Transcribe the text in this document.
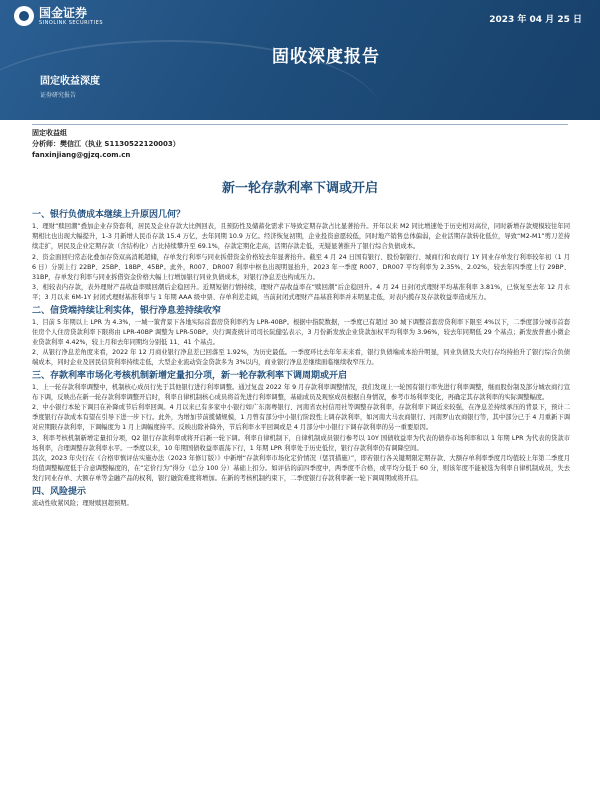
国金证券
SINOLINK SECURITIES	2023 年 04 月 25 日
固收深度报告
固定收益深度
证券研究报告
固定收益组
分析师：樊信江（执业 S1130522120003）
fanxinjiang@gjzq.com.cn
新一轮存款利率下调或开启
一、银行负债成本继续上升原因几何？

1、理财“赎回潮”叠加企业存贷套利，居民及企业存款大比例回表，且预防性及储蓄化需求下导致定期存款占比显著抬升。开年以来 M2 同比增速处于历史相对高位，同时新增存款规模较往年同期相比也出现大幅提升，1-3 月新增人民币存款 15.4 万亿，去年同期 10.9 万亿。经济恢复初期，企业投资意愿较低，同时地产销售总体偏弱，企业活期存款转化低位，导致“M2-M1”剪刀差持续走扩，居民及企业定期存款（含结构化）占比持续攀升至 69.1%，存款定期化走高，活期存款走低，无疑显著推升了银行综合负债成本。

2、资金面回归常态化叠加存贷双高消耗超储，存单发行利率与同业拆借资金价格较去年显著抬升。截至 4 月 24 日国有银行、股份制银行、城商行和农商行 1Y 同业存单发行利率较年初（1 月 6 日）分别上行 22BP、25BP、18BP、45BP。此外，R007、DR007 利率中枢也出现明显抬升，2023 年一季度 R007、DR007 平均利率为 2.35%、2.02%，较去年四季度上行 29BP、31BP，存单发行利率与同业拆借资金价格大幅上行增加银行同业负债成本，对银行净息差也构成压力。

3、相较表内存款，表外理财产品收益率赎回潮后企稳回升。近期短债行情持续，理财产品收益率在“赎回潮”后企稳回升。4 月 24 日封闭式理财平均基准利率 3.81%，已恢复至去年 12 月水平；3 月以来 6M-1Y 封闭式理财基准利率与 1 年期 AAA 级中票、存单利差走阔，当前封闭式理财产品基准利率并未明显走低，对表内揽存及存款收益率造成压力。

二、信贷端持续让利实体，银行净息差持续收窄

1、目前 5 年期以上 LPR 为 4.3%，一城一策背景下各地实际首套房贷利率约为 LPR-40BP。根据中指院数据，一季度已有超过 30 城下调整首套房贷利率下限至 4%以下，二季度部分城市首套住房个人住房贷款利率下限将由 LPR-40BP 调整为 LPR-50BP。央行调查统计司司长阮健弘表示，3 月份新发放企业贷款加权平均利率为 3.96%，较去年同期低 29 个基点；新发放普惠小微企业贷款利率 4.42%，较上月和去年同期均分别低 11、41 个基点。

2、从银行净息差角度来看，2022 年 12 月商业银行净息差已回落至 1.92%，为历史最低。一季度环比去年年末来看，银行负债端成本抬升明显，同业负债及大央行存均持抬升了银行综合负债端成本，同时企业及居民信贷利率持续走低，大型企业流动资金贷款多为 3%以内，商业银行净息差继续面临继续收窄压力。

三、存款利率市场化考核机制新增定量扣分项，新一轮存款利率下调周期或开启

1、上一轮存款利率调整中，机制核心成员行先于其他银行进行利率调整。通过复盘 2022 年 9 月存款利率调整情况，我们发现上一轮国有银行率先进行利率调整，继而股份制及部分城农商行宣布下调，反映出在新一轮存款利率调整开启时，利率自律机制核心成员将首先进行利率调整，基础成员及观察成员根据自身情况，参考市场利率变化，再确定其存款利率的实际调整幅度。

2、中小银行本轮下调目在补降或节后利率回调。4 月以来已有多家中小银行如广东南粤银行、河南省农村信用社等调整存款利率，存款利率下调近来较强，在净息差持续承压的背景下，预计二季度银行存款成本有望在引导下进一步下行。此外，为增加节前揽储规模，1 月曾有部分中小银行阶段性上调存款利率，如河南大马农商银行、河南罗山农商银行等，其中部分已于 4 月重新下调对应期限存款利率，下调幅度为 1 月上调幅度持平。反映出除补降外，节后利率水平回调或是 4 月部分中小银行下调存款利率的另一重要原因。

3、利率考核机制新增定量扣分项，Q2 银行存款利率或将开启新一轮下调。利率自律机制下，自律机制成员银行参考以 10Y 国债收益率为代表的债券市场利率和以 1 年期 LPR 为代表的贷款市场利率，合理调整存款利率水平。一季度以来，10 年期国债收益率震荡下行，1 年期 LPR 利率处于历史低位，银行存款利率仍有调降空间。

其次，2023 年央行在《合格审慎评估实施办法（2023 年修订版）》中新增“存款利率市场化定价情况（惩罚措施）”，即若银行各关键期限定期存款、大额存单利率季度月均值较上年第二季度月均值调整幅度低于合意调整幅度的，在“定价行为”得分（总分 100 分）基础上扣分。如评估的前四季度中，两季度不合格，或平均分低于 60 分，则该年度不能被选为利率自律机制成员，失去发行同业存单、大额存单等金融产品的权利，银行融资难度将增加。在新的考核机制约束下，二季度银行存款利率新一轮下调周期或将开启。

四、风险提示

流动性收紧风险；理财赎回超预期。
